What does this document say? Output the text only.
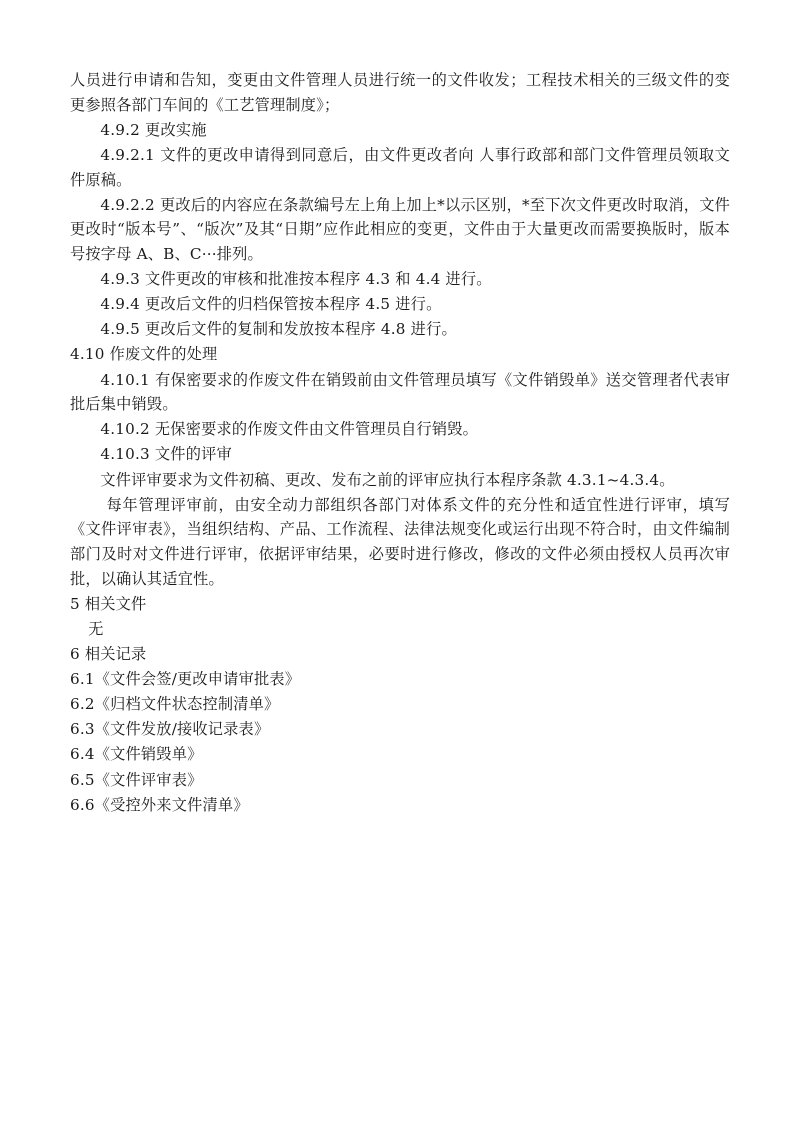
人员进行申请和告知，变更由文件管理人员进行统一的文件收发；工程技术相关的三级文件的变更参照各部门车间的《工艺管理制度》；

4.9.2 更改实施

4.9.2.1 文件的更改申请得到同意后，由文件更改者向 人事行政部和部门文件管理员领取文件原稿。

4.9.2.2 更改后的内容应在条款编号左上角上加上*以示区别，*至下次文件更改时取消，文件更改时“版本号”、“版次”及其“日期”应作此相应的变更，文件由于大量更改而需要换版时，版本号按字母 A、B、C···排列。

4.9.3 文件更改的审核和批准按本程序 4.3 和 4.4 进行。

4.9.4 更改后文件的归档保管按本程序 4.5 进行。

4.9.5 更改后文件的复制和发放按本程序 4.8 进行。

4.10 作废文件的处理

4.10.1 有保密要求的作废文件在销毁前由文件管理员填写《文件销毁单》送交管理者代表审批后集中销毁。

4.10.2 无保密要求的作废文件由文件管理员自行销毁。

4.10.3 文件的评审

文件评审要求为文件初稿、更改、发布之前的评审应执行本程序条款 4.3.1~4.3.4。

每年管理评审前，由安全动力部组织各部门对体系文件的充分性和适宜性进行评审，填写《文件评审表》，当组织结构、产品、工作流程、法律法规变化或运行出现不符合时，由文件编制部门及时对文件进行评审，依据评审结果，必要时进行修改，修改的文件必须由授权人员再次审批，以确认其适宜性。

5 相关文件

无

6 相关记录

6.1《文件会签/更改申请审批表》

6.2《归档文件状态控制清单》

6.3《文件发放/接收记录表》

6.4《文件销毁单》

6.5《文件评审表》

6.6《受控外来文件清单》
